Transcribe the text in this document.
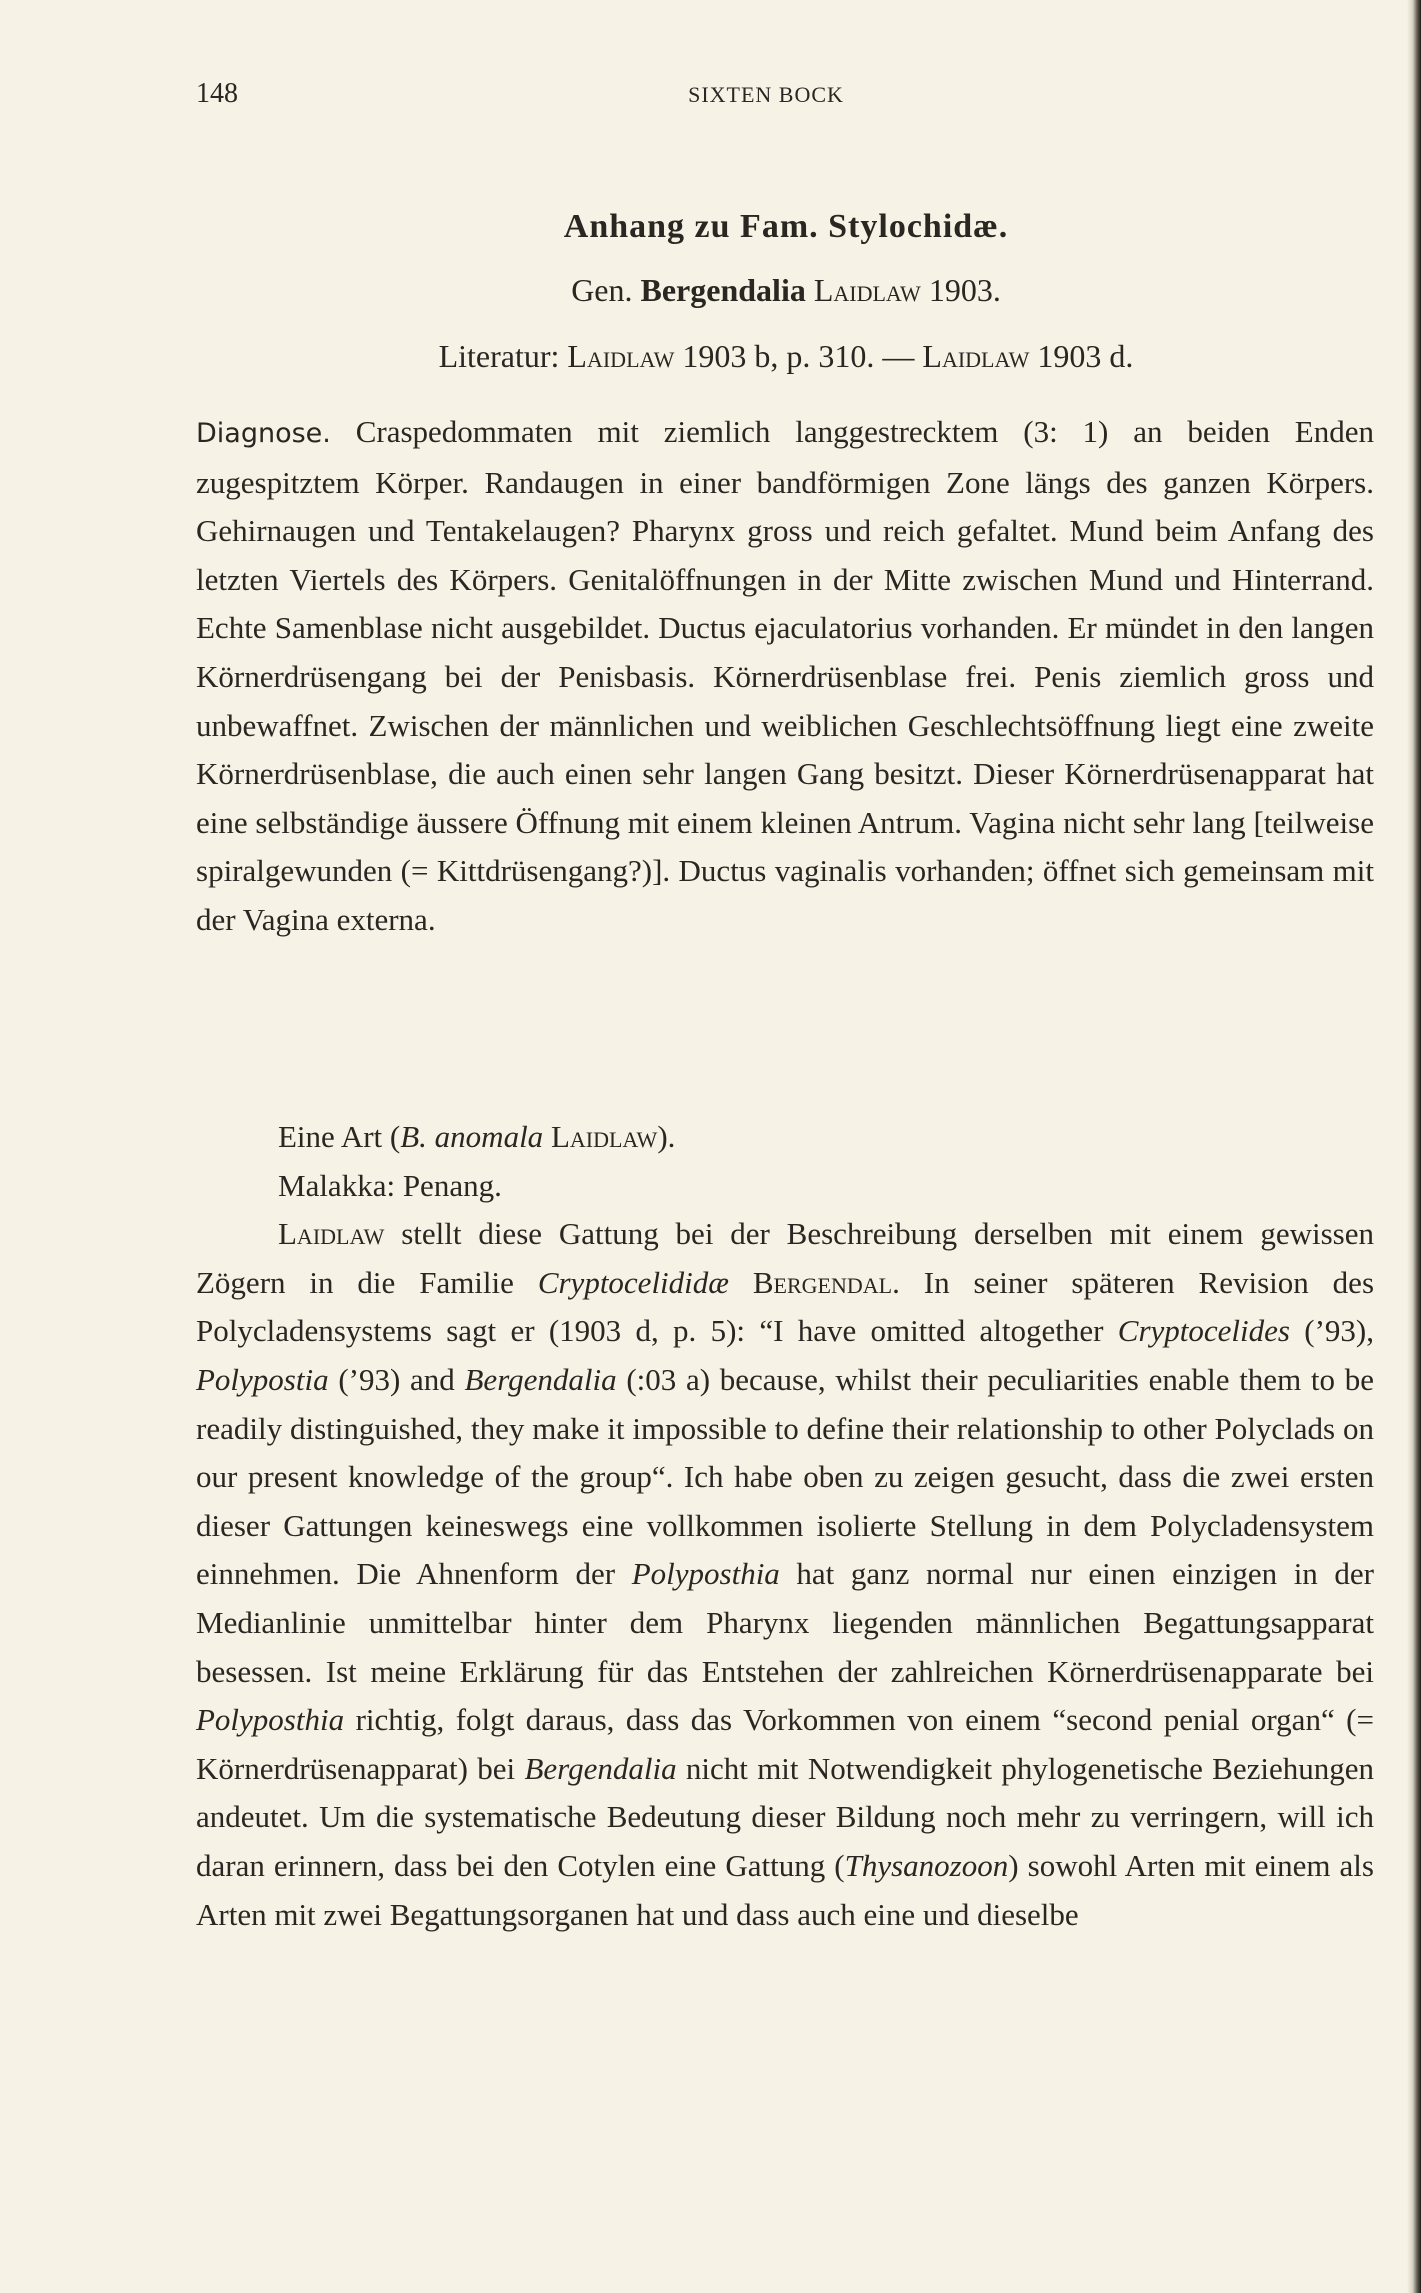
148	SIXTEN BOCK
Anhang zu Fam. Stylochidæ.
Gen. Bergendalia Laidlaw 1903.
Literatur: Laidlaw 1903 b, p. 310. — Laidlaw 1903 d.

Diagnose. Craspedommaten mit ziemlich langgestrecktem (3: 1) an beiden Enden zugespitztem Körper. Randaugen in einer bandförmigen Zone längs des ganzen Körpers. Gehirnaugen und Tentakelaugen? Pharynx gross und reich gefaltet. Mund beim Anfang des letzten Viertels des Körpers. Genitalöffnungen in der Mitte zwischen Mund und Hinterrand. Echte Samenblase nicht ausgebildet. Ductus ejaculatorius vorhanden. Er mündet in den langen Körnerdrüsengang bei der Penisbasis. Körnerdrüsenblase frei. Penis ziemlich gross und unbewaffnet. Zwischen der männlichen und weiblichen Geschlechtsöffnung liegt eine zweite Körnerdrüsenblase, die auch einen sehr langen Gang besitzt. Dieser Körnerdrüsenapparat hat eine selbständige äussere Öffnung mit einem kleinen Antrum. Vagina nicht sehr lang [teilweise spiralgewunden (= Kittdrüsengang?)]. Ductus vaginalis vorhanden; öffnet sich gemeinsam mit der Vagina externa.

Eine Art (B. anomala Laidlaw).

Malakka: Penang.

Laidlaw stellt diese Gattung bei der Beschreibung derselben mit einem gewissen Zögern in die Familie Cryptocelididæ Bergendal. In seiner späteren Revision des Polycladensystems sagt er (1903 d, p. 5): “I have omitted altogether Cryptocelides (’93), Polypostia (’93) and Bergendalia (:03 a) because, whilst their peculiarities enable them to be readily distinguished, they make it impossible to define their relationship to other Polyclads on our present knowledge of the group“. Ich habe oben zu zeigen gesucht, dass die zwei ersten dieser Gattungen keineswegs eine vollkommen isolierte Stellung in dem Polycladensystem einnehmen. Die Ahnenform der Polyposthia hat ganz normal nur einen einzigen in der Medianlinie unmittelbar hinter dem Pharynx liegenden männlichen Begattungsapparat besessen. Ist meine Erklärung für das Entstehen der zahlreichen Körnerdrüsenapparate bei Polyposthia richtig, folgt daraus, dass das Vorkommen von einem “second penial organ“ (= Körnerdrüsenapparat) bei Bergendalia nicht mit Notwendigkeit phylogenetische Beziehungen andeutet. Um die systematische Bedeutung dieser Bildung noch mehr zu verringern, will ich daran erinnern, dass bei den Cotylen eine Gattung (Thysanozoon) sowohl Arten mit einem als Arten mit zwei Begattungsorganen hat und dass auch eine und dieselbe
